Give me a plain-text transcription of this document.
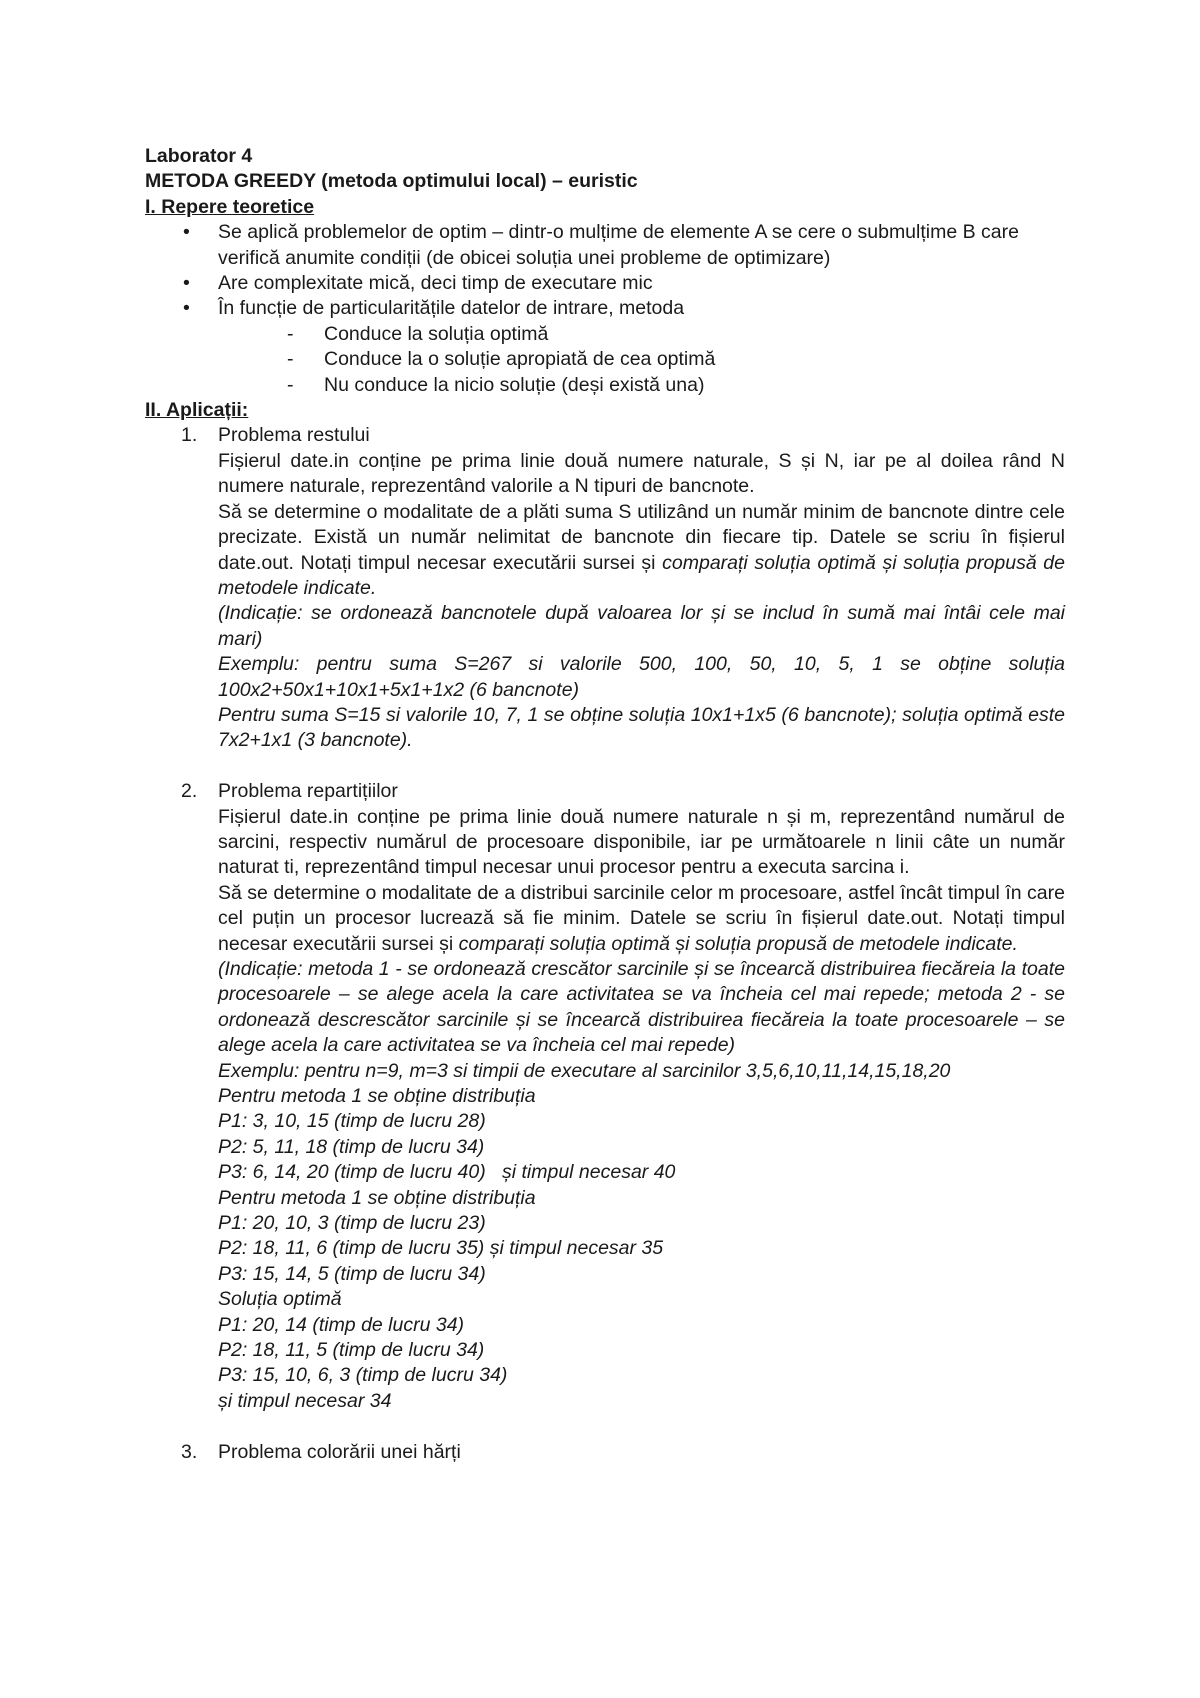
Laborator 4
METODA GREEDY (metoda optimului local) – euristic
I. Repere teoretice
• Se aplică problemelor de optim – dintr-o mulțime de elemente A se cere o submulțime B care verifică anumite condiții (de obicei soluția unei probleme de optimizare)
• Are complexitate mică, deci timp de executare mic
• În funcție de particularitățile datelor de intrare, metoda
- Conduce la soluția optimă
- Conduce la o soluție apropiată de cea optimă
- Nu conduce la nicio soluție (deși există una)
II. Aplicații:
1. Problema restului

Fișierul date.in conține pe prima linie două numere naturale, S și N, iar pe al doilea rând N numere naturale, reprezentând valorile a N tipuri de bancnote.

Să se determine o modalitate de a plăti suma S utilizând un număr minim de bancnote dintre cele precizate. Există un număr nelimitat de bancnote din fiecare tip. Datele se scriu în fișierul date.out. Notați timpul necesar executării sursei și comparați soluția optimă și soluția propusă de metodele indicate.

(Indicație: se ordonează bancnotele după valoarea lor și se includ în sumă mai întâi cele mai mari)

Exemplu: pentru suma S=267 si valorile 500, 100, 50, 10, 5, 1 se obține soluția 100x2+50x1+10x1+5x1+1x2 (6 bancnote)

Pentru suma S=15 si valorile 10, 7, 1 se obține soluția 10x1+1x5 (6 bancnote); soluția optimă este 7x2+1x1 (3 bancnote).

2. Problema repartițiilor

Fișierul date.in conține pe prima linie două numere naturale n și m, reprezentând numărul de sarcini, respectiv numărul de procesoare disponibile, iar pe următoarele n linii câte un număr naturat ti, reprezentând timpul necesar unui procesor pentru a executa sarcina i.

Să se determine o modalitate de a distribui sarcinile celor m procesoare, astfel încât timpul în care cel puțin un procesor lucrează să fie minim. Datele se scriu în fișierul date.out. Notați timpul necesar executării sursei și comparați soluția optimă și soluția propusă de metodele indicate.

(Indicație: metoda 1 - se ordonează crescător sarcinile și se încearcă distribuirea fiecăreia la toate procesoarele – se alege acela la care activitatea se va încheia cel mai repede; metoda 2 - se ordonează descrescător sarcinile și se încearcă distribuirea fiecăreia la toate procesoarele – se alege acela la care activitatea se va încheia cel mai repede)

Exemplu: pentru n=9, m=3 si timpii de executare al sarcinilor 3,5,6,10,11,14,15,18,20

Pentru metoda 1 se obține distribuția

P1: 3, 10, 15 (timp de lucru 28)

P2: 5, 11, 18 (timp de lucru 34)

P3: 6, 14, 20 (timp de lucru 40)   și timpul necesar 40

Pentru metoda 1 se obține distribuția

P1: 20, 10, 3 (timp de lucru 23)

P2: 18, 11, 6 (timp de lucru 35) și timpul necesar 35

P3: 15, 14, 5 (timp de lucru 34)

Soluția optimă

P1: 20, 14 (timp de lucru 34)

P2: 18, 11, 5 (timp de lucru 34)

P3: 15, 10, 6, 3 (timp de lucru 34)

și timpul necesar 34

3. Problema colorării unei hărți
